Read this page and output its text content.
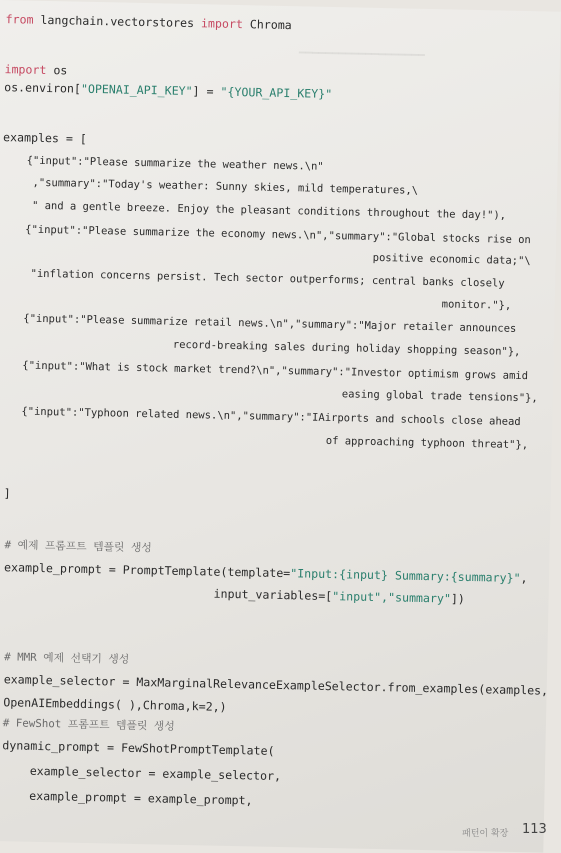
━━━━━━━━━━━━━━━━━━━
from langchain.vectorstores import Chroma
import os
os.environ["OPENAI_API_KEY"] = "{YOUR_API_KEY}"
examples = [
{"input":"Please summarize the weather news.\n"
,"summary":"Today's weather: Sunny skies, mild temperatures,\
" and a gentle breeze. Enjoy the pleasant conditions throughout the day!"),
{"input":"Please summarize the economy news.\n","summary":"Global stocks rise on
positive economic data;"\
"inflation concerns persist. Tech sector outperforms; central banks closely
monitor."},
{"input":"Please summarize retail news.\n","summary":"Major retailer announces
record-breaking sales during holiday shopping season"},
{"input":"What is stock market trend?\n","summary":"Investor optimism grows amid
easing global trade tensions"},
{"input":"Typhoon related news.\n","summary":"IAirports and schools close ahead
of approaching typhoon threat"},
]
# 예제 프롬프트 템플릿 생성
example_prompt = PromptTemplate(template="Input:{input} Summary:{summary}",
input_variables=["input","summary"])
# MMR 예제 선택기 생성
example_selector = MaxMarginalRelevanceExampleSelector.from_examples(examples,
OpenAIEmbeddings( ),Chroma,k=2,)
# FewShot 프롬프트 템플릿 생성
dynamic_prompt = FewShotPromptTemplate(
example_selector = example_selector,
example_prompt = example_prompt,
패턴이 확장 113
